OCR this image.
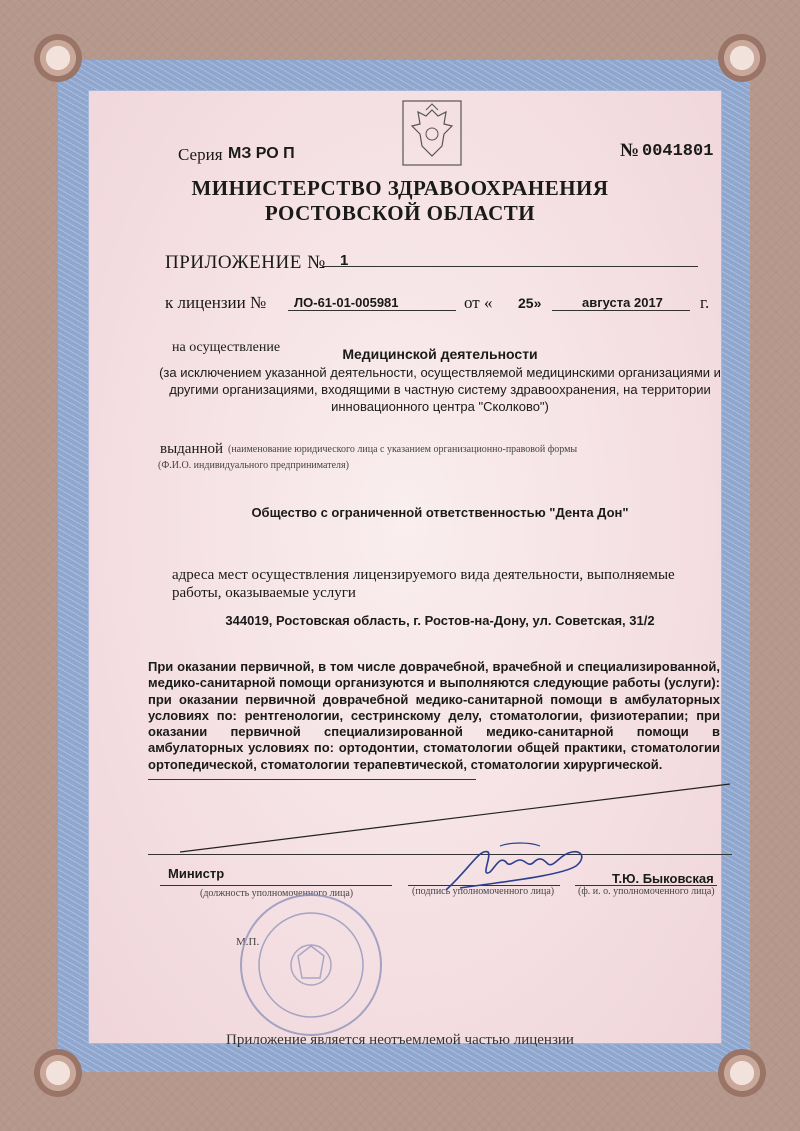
Серия МЗ РО П	№ 0041801
МИНИСТЕРСТВО ЗДРАВООХРАНЕНИЯ
РОСТОВСКОЙ ОБЛАСТИ
ПРИЛОЖЕНИЕ № 1
к лицензии № ЛО-61-01-005981	от « 25»	августа 2017 г.
на осуществление	Медицинской деятельности
(за исключением указанной деятельности, осуществляемой медицинскими организациями и другими организациями, входящими в частную систему здравоохранения, на территории инновационного центра "Сколково")
выданной (наименование юридического лица с указанием организационно-правовой формы
(Ф.И.О. индивидуального предпринимателя)
Общество с ограниченной ответственностью "Дента Дон"
адреса мест осуществления лицензируемого вида деятельности, выполняемые работы, оказываемые услуги
344019, Ростовская область, г. Ростов-на-Дону, ул. Советская, 31/2
При оказании первичной, в том числе доврачебной, врачебной и специализированной, медико-санитарной помощи организуются и выполняются следующие работы (услуги): при оказании первичной доврачебной медико-санитарной помощи в амбулаторных условиях по: рентгенологии, сестринскому делу, стоматологии, физиотерапии; при оказании первичной специализированной медико-санитарной помощи в амбулаторных условиях по: ортодонтии, стоматологии общей практики, стоматологии ортопедической, стоматологии терапевтической, стоматологии хирургической.
Министр
(должность уполномоченного лица)	(подпись уполномоченного лица)
Т.Ю. Быковская
(ф. и. о. уполномоченного лица)
М.П.
Приложение является неотъемлемой частью лицензии
